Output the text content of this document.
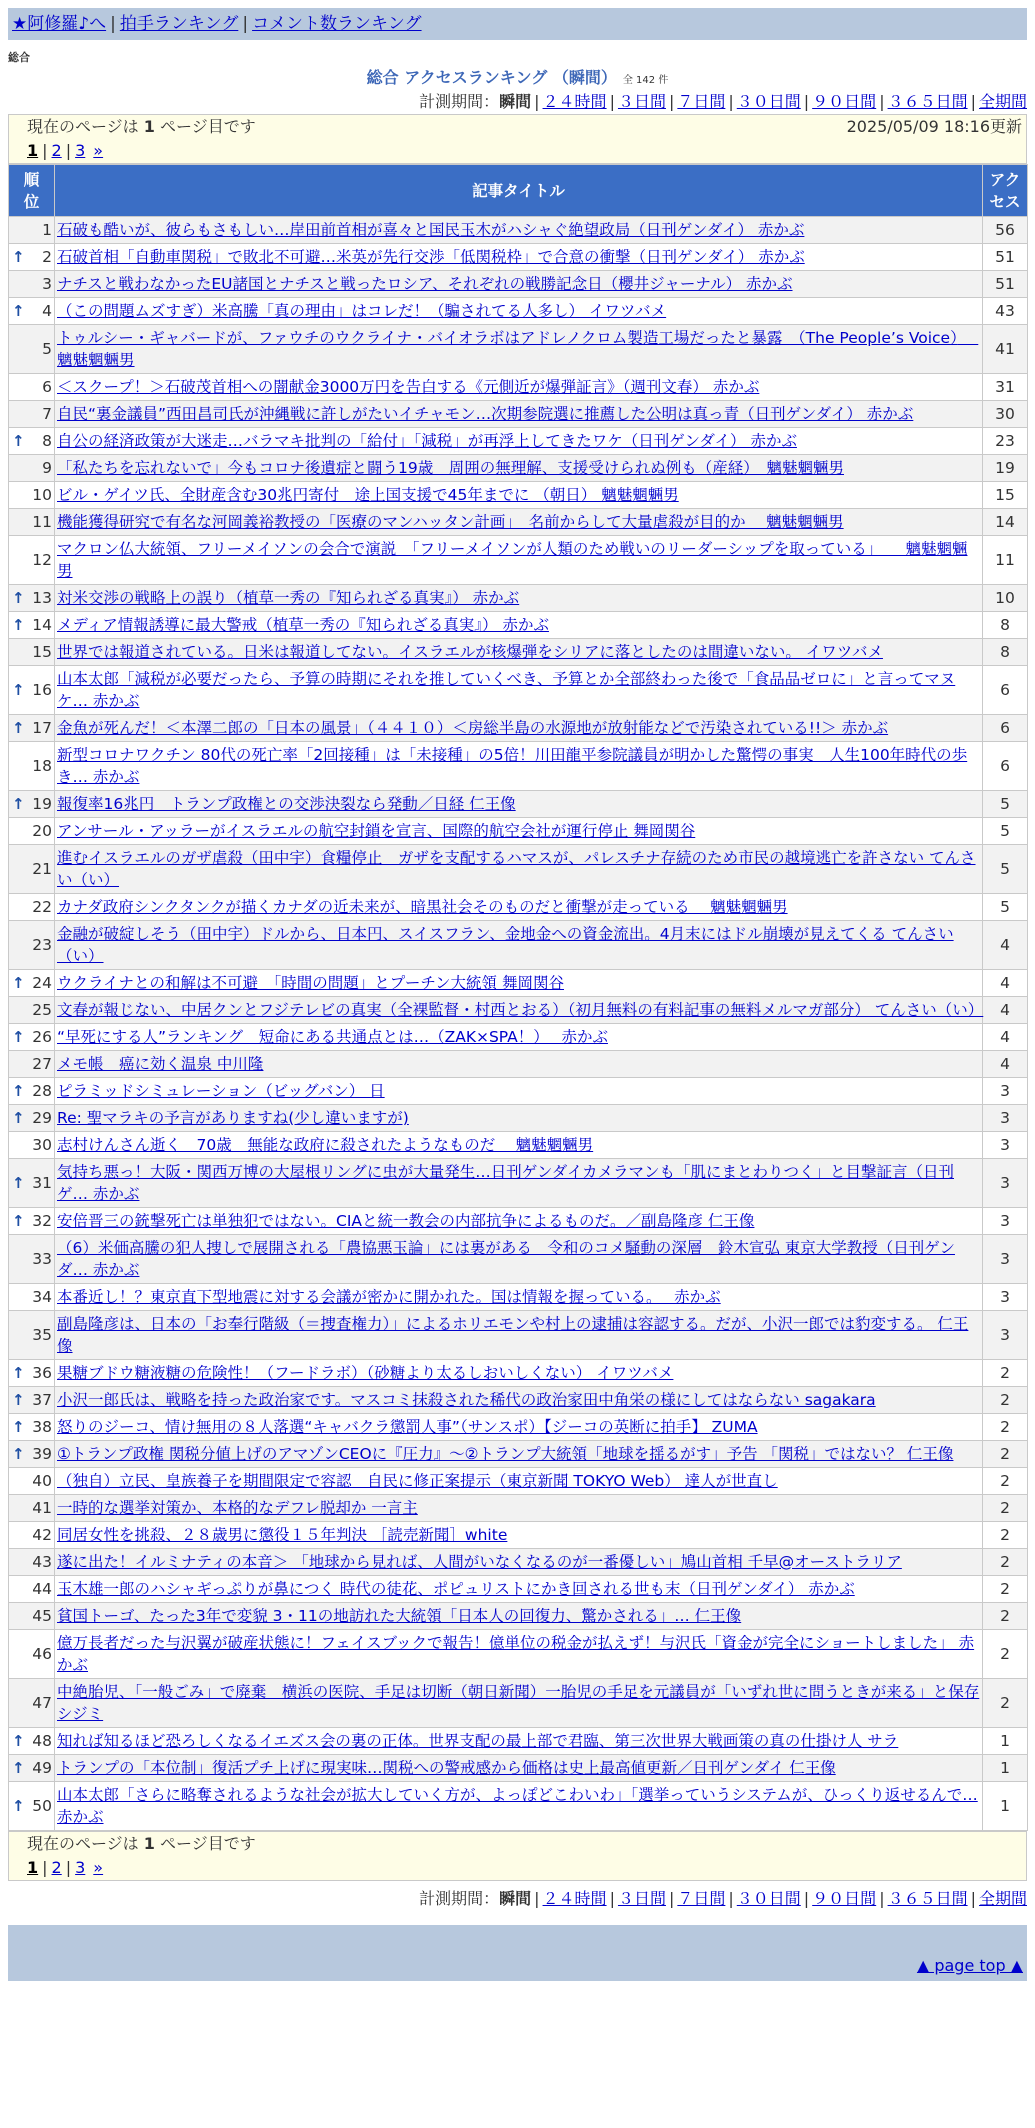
★阿修羅♪へ | 拍手ランキング | コメント数ランキング
総合
総合 アクセスランキング （瞬間） 全 142 件
計測期間：瞬間 | ２４時間 | ３日間 | ７日間 | ３０日間 | ９０日間 | ３６５日間 | 全期間
現在のページは 1 ページ目です	2025/05/09 18:16更新
1 | 2 | 3 »
順位	記事タイトル	アクセス
1	石破も酷いが、彼らもさもしい…岸田前首相が喜々と国民玉木がハシャぐ絶望政局（日刊ゲンダイ） 赤かぶ	56

↑ 2	石破首相「自動車関税」で敗北不可避…米英が先行交渉「低関税枠」で合意の衝撃（日刊ゲンダイ） 赤かぶ	51
3	ナチスと戦わなかったEU諸国とナチスと戦ったロシア、それぞれの戦勝記念日（櫻井ジャーナル） 赤かぶ	51

↑ 4	（この問題ムズすぎ）米高騰「真の理由」はコレだ！（騙されてる人多し） イワツバメ	43
5	トゥルシー・ギャバードが、ファウチのウクライナ・バイオラボはアドレノクロム製造工場だったと暴露　（The People’s Voice）　 魑魅魍魎男	41
6	＜スクープ！＞石破茂首相への闇献金3000万円を告白する《元側近が爆弾証言》（週刊文春） 赤かぶ	31
7	自民“裏金議員”西田昌司氏が沖縄戦に許しがたいイチャモン…次期参院選に推薦した公明は真っ青（日刊ゲンダイ） 赤かぶ	30

↑ 8	自公の経済政策が大迷走…バラマキ批判の「給付」「減税」が再浮上してきたワケ（日刊ゲンダイ） 赤かぶ	23
9	「私たちを忘れないで」今もコロナ後遺症と闘う19歳　周囲の無理解、支援受けられぬ例も（産経）　魑魅魍魎男	19
10	ビル・ゲイツ氏、全財産含む30兆円寄付　途上国支援で45年までに （朝日） 魑魅魍魎男	15
11	機能獲得研究で有名な河岡義裕教授の「医療のマンハッタン計画」　名前からして大量虐殺が目的か　 魑魅魍魎男	14
12	マクロン仏大統領、フリーメイソンの会合で演説　「フリーメイソンが人類のため戦いのリーダーシップを取っている」　　魑魅魍魎男	11

↑ 13	対米交渉の戦略上の誤り（植草一秀の『知られざる真実』） 赤かぶ	10

↑ 14	メディア情報誘導に最大警戒（植草一秀の『知られざる真実』） 赤かぶ	8
15	世界では報道されている。日米は報道してない。イスラエルが核爆弾をシリアに落としたのは間違いない。 イワツバメ	8

↑ 16	山本太郎「減税が必要だったら、予算の時期にそれを推していくべき、予算とか全部終わった後で「食品品ゼロに」と言ってマヌケ… 赤かぶ	6

↑ 17	金魚が死んだ！＜本澤二郎の「日本の風景」（４４１０）＜房総半島の水源地が放射能などで汚染されている!!＞ 赤かぶ	6
18	新型コロナワクチン 80代の死亡率「2回接種」は「未接種」の5倍！川田龍平参院議員が明かした驚愕の事実　人生100年時代の歩き… 赤かぶ	6

↑ 19	報復率16兆円　トランプ政権との交渉決裂なら発動／日経 仁王像	5
20	アンサール・アッラーがイスラエルの航空封鎖を宣言、国際的航空会社が運行停止 舞岡関谷	5
21	進むイスラエルのガザ虐殺（田中宇）食糧停止　ガザを支配するハマスが、パレスチナ存続のため市民の越境逃亡を許さない てんさい（い）	5
22	カナダ政府シンクタンクが描くカナダの近未来が、暗黒社会そのものだと衝撃が走っている　 魑魅魍魎男	5
23	金融が破綻しそう（田中宇）ドルから、日本円、スイスフラン、金地金への資金流出。4月末にはドル崩壊が見えてくる てんさい（い）	4

↑ 24	ウクライナとの和解は不可避　「時間の問題」とプーチン大統領 舞岡関谷	4
25	文春が報じない、中居クンとフジテレビの真実（全裸監督・村西とおる）（初月無料の有料記事の無料メルマガ部分） てんさい（い）	4

↑ 26	“早死にする人”ランキング　短命にある共通点とは…（ZAK×SPA！）　 赤かぶ	4
27	メモ帳　癌に効く温泉 中川隆	4

↑ 28	ピラミッドシミュレーション（ビッグバン） 日	3

↑ 29	Re: 聖マラキの予言がありますね(少し違いますが)	3
30	志村けんさん逝く　70歳　無能な政府に殺されたようなものだ　 魑魅魍魎男	3

↑ 31	気持ち悪っ！大阪・関西万博の大屋根リングに虫が大量発生…日刊ゲンダイカメラマンも「肌にまとわりつく」と目撃証言（日刊ゲ… 赤かぶ	3

↑ 32	安倍晋三の銃撃死亡は単独犯ではない。CIAと統一教会の内部抗争によるものだ。／副島隆彦 仁王像	3
33	（6）米価高騰の犯人捜しで展開される「農協悪玉論」には裏がある　令和のコメ騒動の深層　鈴木宣弘 東京大学教授（日刊ゲンダ… 赤かぶ	3
34	本番近し！？東京直下型地震に対する会議が密かに開かれた。国は情報を握っている。　 赤かぶ	3
35	副島隆彦は、日本の「お奉行階級（＝捜査権力）」によるホリエモンや村上の逮捕は容認する。だが、小沢一郎では豹変する。 仁王像	3

↑ 36	果糖ブドウ糖液糖の危険性！（フードラボ）（砂糖より太るしおいしくない） イワツバメ	2

↑ 37	小沢一郎氏は、戦略を持った政治家です。マスコミ抹殺された稀代の政治家田中角栄の様にしてはならない sagakara	2

↑ 38	怒りのジーコ、情け無用の８人落選“キャバクラ懲罰人事”（サンスポ）【ジーコの英断に拍手】 ZUMA	2

↑ 39	①トランプ政権 関税分値上げのアマゾンCEOに『圧力』～②トランプ大統領「地球を揺るがす」予告 「関税」ではない？ 仁王像	2
40	（独自）立民、皇族養子を期間限定で容認　自民に修正案提示（東京新聞 TOKYO Web） 達人が世直し	2
41	一時的な選挙対策か、本格的なデフレ脱却か 一言主	2
42	同居女性を挑殺、２８歳男に懲役１５年判決 ［読売新聞］white	2
43	遂に出た！イルミナティの本音＞ 「地球から見れば、人間がいなくなるのが一番優しい」鳩山首相 千早@オーストラリア	2
44	玉木雄一郎のハシャギっぷりが鼻につく 時代の徒花、ポピュリストにかき回される世も末（日刊ゲンダイ） 赤かぶ	2
45	貧国トーゴ、たった3年で変貌 3・11の地訪れた大統領「日本人の回復力、驚かされる」… 仁王像	2
46	億万長者だった与沢翼が破産状態に！フェイスブックで報告！億単位の税金が払えず！与沢氏「資金が完全にショートしました」 赤かぶ	2
47	中絶胎児、「一般ごみ」で廃棄　横浜の医院、手足は切断（朝日新聞）一胎児の手足を元議員が「いずれ世に問うときが来る」と保存 シジミ	2

↑ 48	知れば知るほど恐ろしくなるイエズス会の裏の正体。世界支配の最上部で君臨、第三次世界大戦画策の真の仕掛け人 サラ	1

↑ 49	トランプの「本位制」復活プチ上げに現実味…関税への警戒感から価格は史上最高値更新／日刊ゲンダイ 仁王像	1

↑ 50	山本太郎「さらに略奪されるような社会が拡大していく方が、よっぽどこわいわ」「選挙っていうシステムが、ひっくり返せるんで… 赤かぶ	1
現在のページは 1 ページ目です
1 | 2 | 3 »
計測期間：瞬間 | ２４時間 | ３日間 | ７日間 | ３０日間 | ９０日間 | ３６５日間 | 全期間
▲ page top ▲
